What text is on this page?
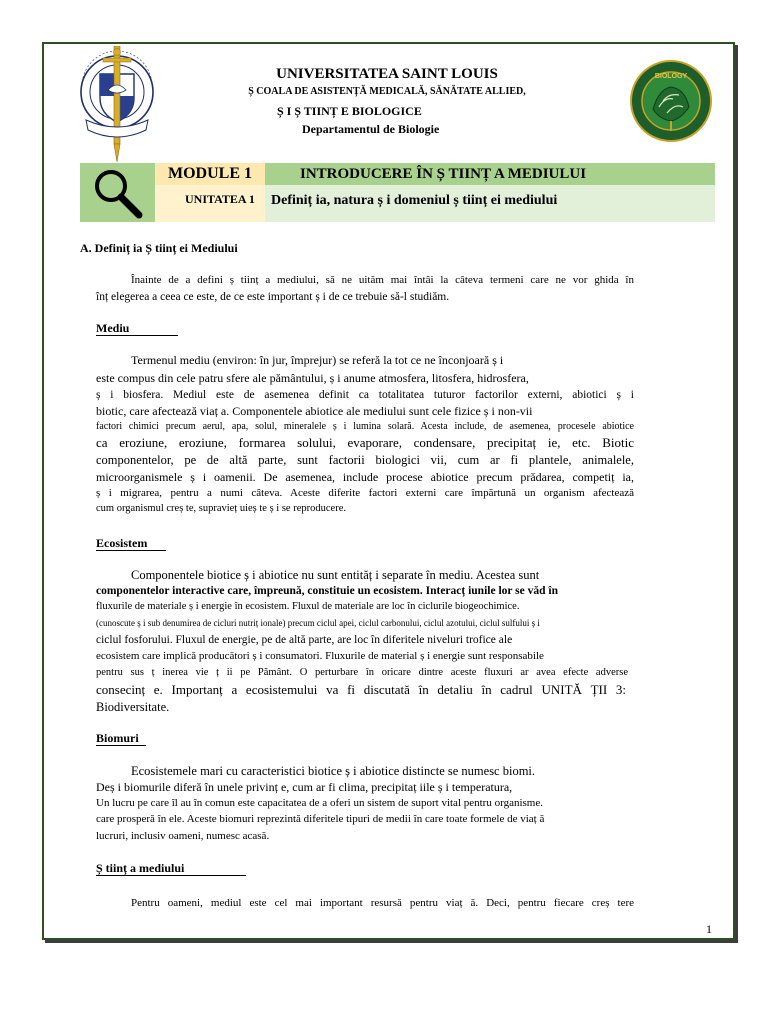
BIOLOGY
UNIVERSITATEA SAINT LOUIS
Ș COALA DE ASISTENȚĂ MEDICALĂ, SĂNĂTATE ALLIED,
Ș I Ș TIINȚ E BIOLOGICE
Departamentul de Biologie
MODULE 1	INTRODUCERE ÎN Ș TIINȚ A MEDIULUI
UNITATEA 1 Definiț ia, natura ș i domeniul ș tiinț ei mediului
A. Definiț ia Ș tiinț ei Mediului
Înainte de a defini ș tiinț a mediului, să ne uităm mai întâi la câteva termeni care ne vor ghida în
înț elegerea a ceea ce este, de ce este important ș i de ce trebuie să-l studiăm.
Mediu
Termenul mediu (environ: în jur, împrejur) se referă la tot ce ne înconjoară ș i
este compus din cele patru sfere ale pământului, ș i anume atmosfera, litosfera, hidrosfera,
ș i biosfera. Mediul este de asemenea definit ca totalitatea tuturor factorilor externi, abiotici ș i
biotic, care afectează viaț a. Componentele abiotice ale mediului sunt cele fizice ș i non-vii
factori chimici precum aerul, apa, solul, mineralele ș i lumina solară. Acesta include, de asemenea, procesele abiotice
ca eroziune, eroziune, formarea solului, evaporare, condensare, precipitaț ie, etc. Biotic
componentelor, pe de altă parte, sunt factorii biologici vii, cum ar fi plantele, animalele,
microorganismele ș i oamenii. De asemenea, include procese abiotice precum prădarea, competiț ia,
ș i migrarea, pentru a numi câteva. Aceste diferite factori externi care împărtună un organism afectează
cum organismul creș te, supravieț uieș te ș i se reproducere.
Ecosistem
Componentele biotice ș i abiotice nu sunt entităț i separate în mediu. Acestea sunt
componentelor interactive care, împreună, constituie un ecosistem. Interacț iunile lor se văd în
fluxurile de materiale ș i energie în ecosistem. Fluxul de materiale are loc în ciclurile biogeochimice.
(cunoscute ș i sub denumirea de cicluri nutriț ionale) precum ciclul apei, ciclul carbonului, ciclul azotului, ciclul sulfului ș i
ciclul fosforului. Fluxul de energie, pe de altă parte, are loc în diferitele niveluri trofice ale
ecosistem care implică producători ș i consumatori. Fluxurile de material ș i energie sunt responsabile
pentru sus ț inerea vie ț ii pe Pământ. O perturbare în oricare dintre aceste fluxuri ar avea efecte adverse
consecinț e. Importanț a ecosistemului va fi discutată în detaliu în cadrul UNITĂ ȚII 3:
Biodiversitate.
Biomuri
Ecosistemele mari cu caracteristici biotice ș i abiotice distincte se numesc biomi.
Deș i biomurile diferă în unele privinț e, cum ar fi clima, precipitaț iile ș i temperatura,
Un lucru pe care îl au în comun este capacitatea de a oferi un sistem de suport vital pentru organisme.
care prosperă în ele. Aceste biomuri reprezintă diferitele tipuri de medii în care toate formele de viaț ă
lucruri, inclusiv oameni, numesc acasă.
Ș tiinț a mediului
Pentru oameni, mediul este cel mai important resursă pentru viaț ă. Deci, pentru fiecare creș tere
1
